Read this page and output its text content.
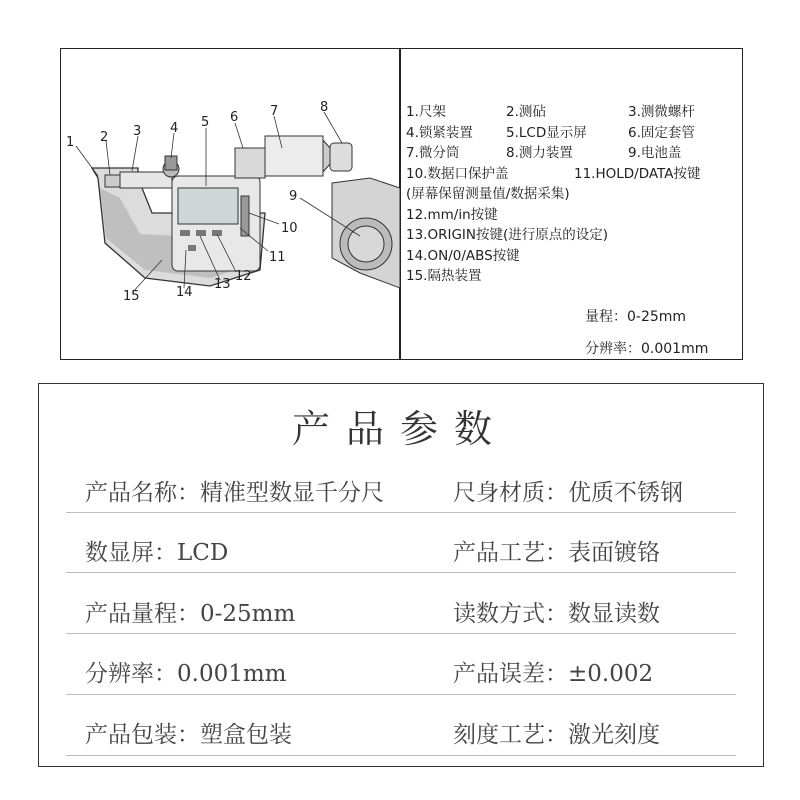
1 2 3 4 5 6 7	8
9
10
11
12
13
14
15
1.尺架	2.测砧	3.测微螺杆
4.锁紧装置 5.LCD显示屏	6.固定套管
7.微分筒	8.测力装置	9.电池盖
10.数据口保护盖	11.HOLD/DATA按键
(屏幕保留测量值/数据采集)
12.mm/in按键
13.ORIGIN按键(进行原点的设定)
14.ON/0/ABS按键
15.隔热装置
量程：0-25mm
分辨率：0.001mm
产品参数
产品名称：精准型数显千分尺	尺身材质：优质不锈钢
数显屏：LCD	产品工艺：表面镀铬
产品量程：0-25mm	读数方式：数显读数
分辨率：0.001mm	产品误差：±0.002
产品包装：塑盒包装	刻度工艺：激光刻度
